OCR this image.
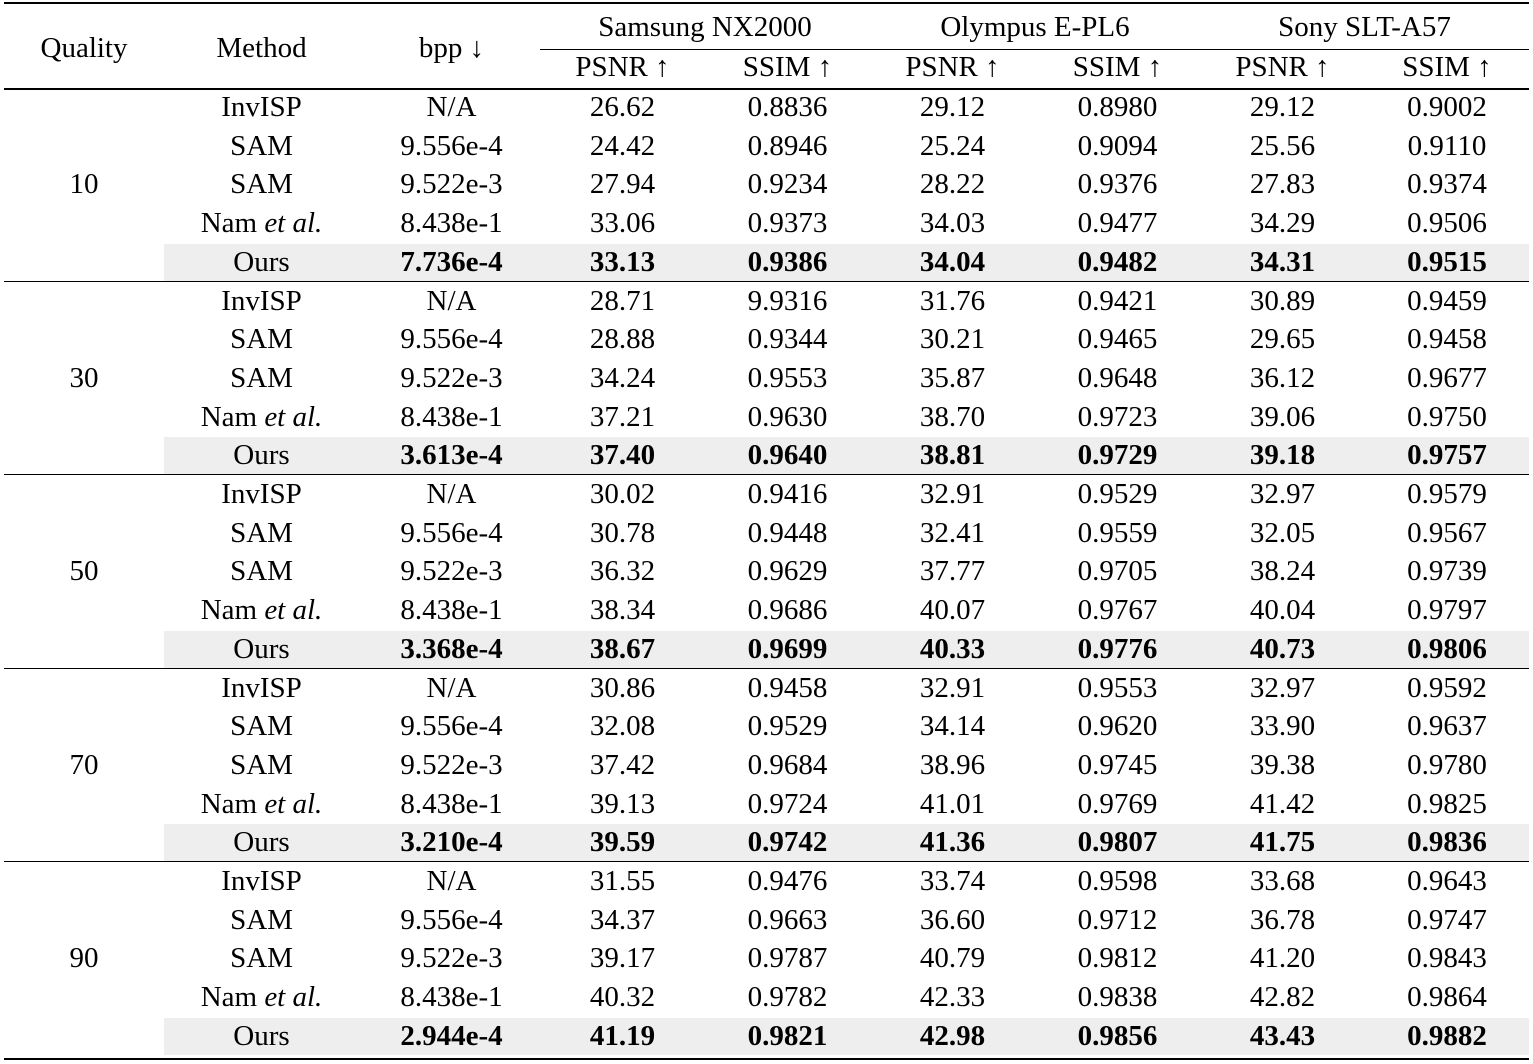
Quality	Method	bpp ↓
Samsung NX2000	Olympus E-PL6	Sony SLT-A57
PSNR ↑	SSIM ↑	PSNR ↑	SSIM ↑	PSNR ↑	SSIM ↑
10
InvISP	N/A	26.62	0.8836	29.12	0.8980	29.12	0.9002
SAM	9.556e-4	24.42	0.8946	25.24	0.9094	25.56	0.9110
SAM	9.522e-3	27.94	0.9234	28.22	0.9376	27.83	0.9374
Nam et al.	8.438e-1	33.06	0.9373	34.03	0.9477	34.29	0.9506
Ours	7.736e-4	33.13	0.9386	34.04	0.9482	34.31	0.9515
30
InvISP	N/A	28.71	9.9316	31.76	0.9421	30.89	0.9459
SAM	9.556e-4	28.88	0.9344	30.21	0.9465	29.65	0.9458
SAM	9.522e-3	34.24	0.9553	35.87	0.9648	36.12	0.9677
Nam et al.	8.438e-1	37.21	0.9630	38.70	0.9723	39.06	0.9750
Ours	3.613e-4	37.40	0.9640	38.81	0.9729	39.18	0.9757
50
InvISP	N/A	30.02	0.9416	32.91	0.9529	32.97	0.9579
SAM	9.556e-4	30.78	0.9448	32.41	0.9559	32.05	0.9567
SAM	9.522e-3	36.32	0.9629	37.77	0.9705	38.24	0.9739
Nam et al.	8.438e-1	38.34	0.9686	40.07	0.9767	40.04	0.9797
Ours	3.368e-4	38.67	0.9699	40.33	0.9776	40.73	0.9806
70
InvISP	N/A	30.86	0.9458	32.91	0.9553	32.97	0.9592
SAM	9.556e-4	32.08	0.9529	34.14	0.9620	33.90	0.9637
SAM	9.522e-3	37.42	0.9684	38.96	0.9745	39.38	0.9780
Nam et al.	8.438e-1	39.13	0.9724	41.01	0.9769	41.42	0.9825
Ours	3.210e-4	39.59	0.9742	41.36	0.9807	41.75	0.9836
90
InvISP	N/A	31.55	0.9476	33.74	0.9598	33.68	0.9643
SAM	9.556e-4	34.37	0.9663	36.60	0.9712	36.78	0.9747
SAM	9.522e-3	39.17	0.9787	40.79	0.9812	41.20	0.9843
Nam et al.	8.438e-1	40.32	0.9782	42.33	0.9838	42.82	0.9864
Ours	2.944e-4	41.19	0.9821	42.98	0.9856	43.43	0.9882
